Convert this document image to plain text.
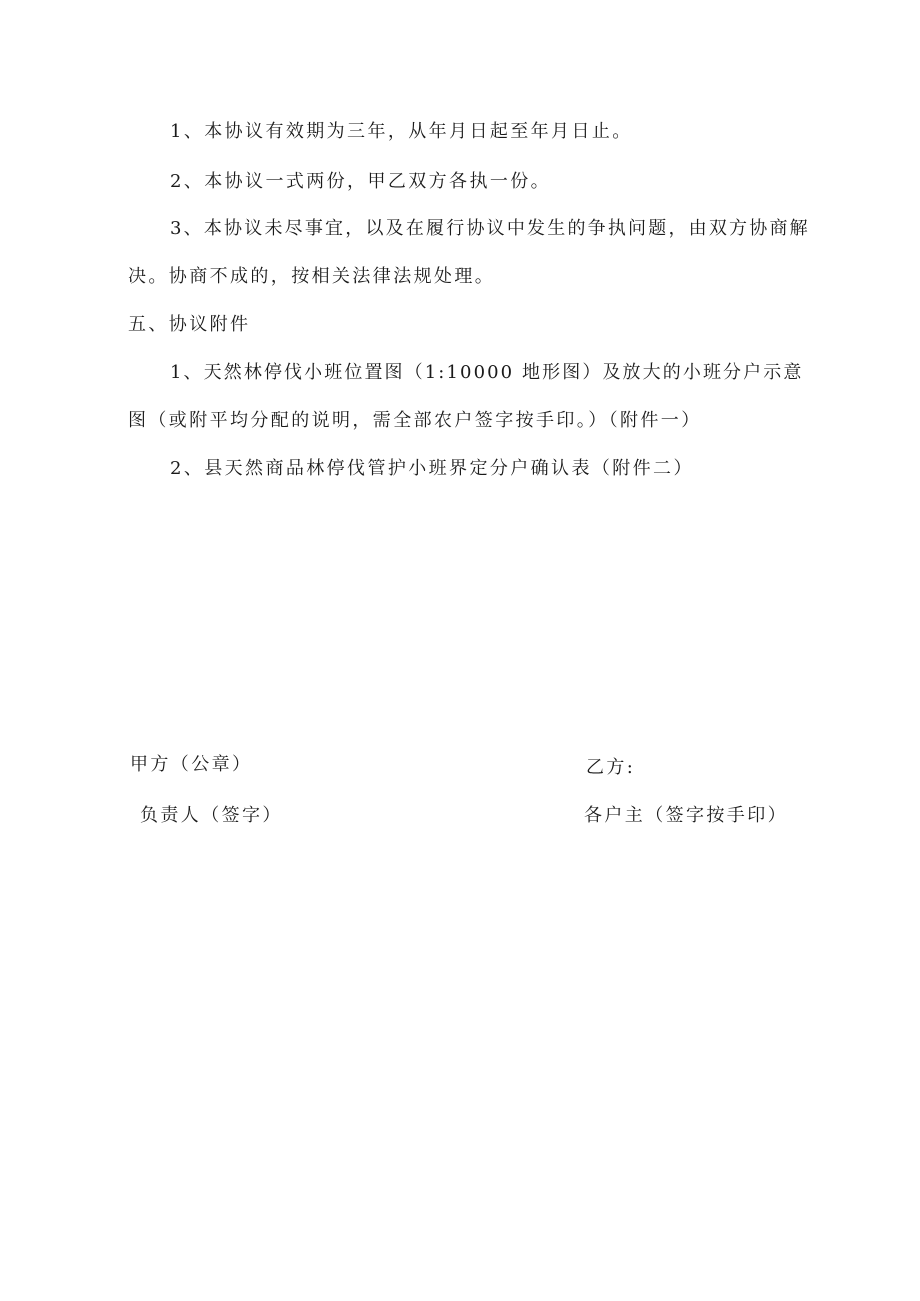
1、本协议有效期为三年，从年月日起至年月日止。
2、本协议一式两份，甲乙双方各执一份。
3、本协议未尽事宜，以及在履行协议中发生的争执问题，由双方协商解
决。协商不成的，按相关法律法规处理。
五、协议附件
1、天然林停伐小班位置图（1:10000 地形图）及放大的小班分户示意
图（或附平均分配的说明，需全部农户签字按手印。）（附件一）
2、县天然商品林停伐管护小班界定分户确认表（附件二）
甲方（公章）
负责人（签字）
乙方:
各户主（签字按手印）
